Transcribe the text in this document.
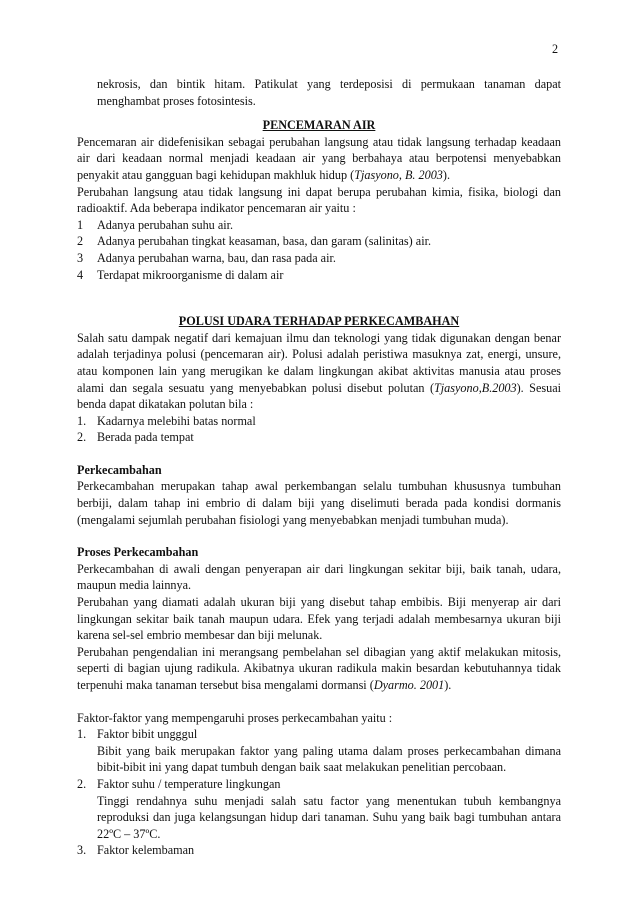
2

nekrosis, dan bintik hitam. Patikulat yang terdeposisi di permukaan tanaman dapat menghambat proses fotosintesis.

PENCEMARAN AIR

Pencemaran air didefenisikan sebagai perubahan langsung atau tidak langsung terhadap keadaan air dari keadaan normal menjadi keadaan air yang berbahaya atau berpotensi menyebabkan penyakit atau gangguan bagi kehidupan makhluk hidup (Tjasyono, B. 2003).

Perubahan langsung atau tidak langsung ini dapat berupa perubahan kimia, fisika, biologi dan radioaktif. Ada beberapa indikator pencemaran air yaitu :

1	Adanya perubahan suhu air.
2	Adanya perubahan tingkat keasaman, basa, dan garam (salinitas) air.
3	Adanya perubahan warna, bau, dan rasa pada air.
4	Terdapat mikroorganisme di dalam air

POLUSI UDARA TERHADAP PERKECAMBAHAN

Salah satu dampak negatif dari kemajuan ilmu dan teknologi yang tidak digunakan dengan benar adalah terjadinya polusi (pencemaran air). Polusi adalah peristiwa masuknya zat, energi, unsure, atau komponen lain yang merugikan ke dalam lingkungan akibat aktivitas manusia atau proses alami dan segala sesuatu yang menyebabkan polusi disebut polutan (Tjasyono,B.2003). Sesuai benda dapat dikatakan polutan bila :

1. Kadarnya melebihi batas normal
2. Berada pada tempat

Perkecambahan

Perkecambahan merupakan tahap awal perkembangan selalu tumbuhan khususnya tumbuhan berbiji, dalam tahap ini embrio di dalam biji yang diselimuti berada pada kondisi dormanis (mengalami sejumlah perubahan fisiologi yang menyebabkan menjadi tumbuhan muda).

Proses Perkecambahan

Perkecambahan di awali dengan penyerapan air dari lingkungan sekitar biji, baik tanah, udara, maupun media lainnya.

Perubahan yang diamati adalah ukuran biji yang disebut tahap embibis. Biji menyerap air dari lingkungan sekitar baik tanah maupun udara. Efek yang terjadi adalah membesarnya ukuran biji karena sel-sel embrio membesar dan biji melunak.

Perubahan pengendalian ini merangsang pembelahan sel dibagian yang aktif melakukan mitosis, seperti di bagian ujung radikula. Akibatnya ukuran radikula makin besardan kebutuhannya tidak terpenuhi maka tanaman tersebut bisa mengalami dormansi (Dyarmo. 2001).

Faktor-faktor yang mempengaruhi proses perkecambahan yaitu :

1. Faktor bibit ungggul
Bibit yang baik merupakan faktor yang paling utama dalam proses perkecambahan dimana bibit-bibit ini yang dapat tumbuh dengan baik saat melakukan penelitian percobaan.
2. Faktor suhu / temperature lingkungan
Tinggi rendahnya suhu menjadi salah satu factor yang menentukan tubuh kembangnya reproduksi dan juga kelangsungan hidup dari tanaman. Suhu yang baik bagi tumbuhan antara 22ºC – 37ºC.
3. Faktor kelembaman
